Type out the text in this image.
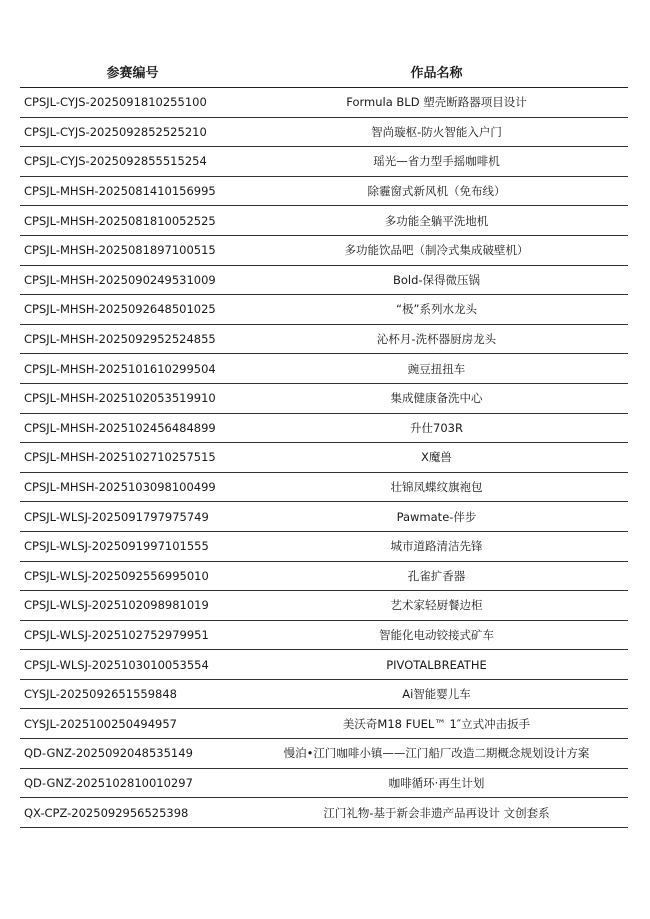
参赛编号	作品名称
CPSJL-CYJS-2025091810255100	Formula BLD 塑壳断路器项目设计
CPSJL-CYJS-2025092852525210	智尚璇枢-防火智能入户门
CPSJL-CYJS-2025092855515254	瑶光—省力型手摇咖啡机
CPSJL-MHSH-2025081410156995	除霾窗式新风机（免布线）
CPSJL-MHSH-2025081810052525	多功能全躺平洗地机
CPSJL-MHSH-2025081897100515	多功能饮品吧（制冷式集成破壁机）
CPSJL-MHSH-2025090249531009	Bold-保得微压锅
CPSJL-MHSH-2025092648501025	“极”系列水龙头
CPSJL-MHSH-2025092952524855	沁杯月-洗杯器厨房龙头
CPSJL-MHSH-2025101610299504	豌豆扭扭车
CPSJL-MHSH-2025102053519910	集成健康备洗中心
CPSJL-MHSH-2025102456484899	升仕703R
CPSJL-MHSH-2025102710257515	X魔兽
CPSJL-MHSH-2025103098100499	壮锦凤蝶纹旗袍包
CPSJL-WLSJ-2025091797975749	Pawmate-伴步
CPSJL-WLSJ-2025091997101555	城市道路清洁先锋
CPSJL-WLSJ-2025092556995010	孔雀扩香器
CPSJL-WLSJ-2025102098981019	艺术家轻厨餐边柜
CPSJL-WLSJ-2025102752979951	智能化电动铰接式矿车
CPSJL-WLSJ-2025103010053554	PIVOTALBREATHE
CYSJL-2025092651559848	Ai智能婴儿车
CYSJL-2025100250494957	美沃奇M18 FUEL™ 1″立式冲击扳手
QD-GNZ-2025092048535149	慢泊•江门咖啡小镇——江门船厂改造二期概念规划设计方案
QD-GNZ-2025102810010297	咖啡循环·再生计划
QX-CPZ-2025092956525398	江门礼物-基于新会非遗产品再设计 文创套系
